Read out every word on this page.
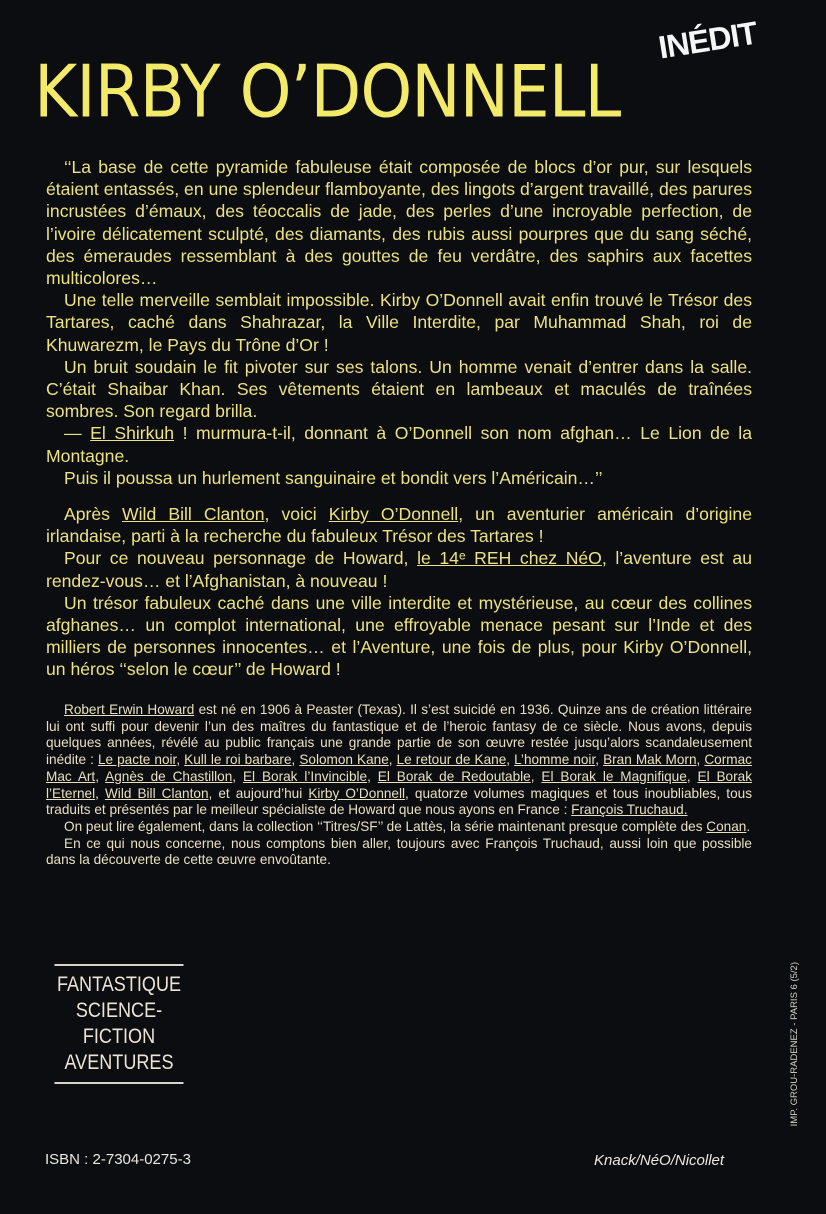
KIRBY O’DONNELL
INÉDIT

‘‘La base de cette pyramide fabuleuse était composée de blocs d’or pur, sur lesquels étaient entassés, en une splendeur flamboyante, des lingots d’argent travaillé, des parures incrustées d’émaux, des téoccalis de jade, des perles d’une incroyable perfection, de l’ivoire délicatement sculpté, des diamants, des rubis aussi pourpres que du sang séché, des émeraudes ressemblant à des gouttes de feu verdâtre, des saphirs aux facettes multicolores…

Une telle merveille semblait impossible. Kirby O’Donnell avait enfin trouvé le Trésor des Tartares, caché dans Shahrazar, la Ville Interdite, par Muhammad Shah, roi de Khuwarezm, le Pays du Trône d’Or !

Un bruit soudain le fit pivoter sur ses talons. Un homme venait d’entrer dans la salle. C’était Shaibar Khan. Ses vêtements étaient en lambeaux et maculés de traînées sombres. Son regard brilla.

— El Shirkuh ! murmura-t-il, donnant à O’Donnell son nom afghan… Le Lion de la Montagne.

Puis il poussa un hurlement sanguinaire et bondit vers l’Américain…’’

Après Wild Bill Clanton, voici Kirby O’Donnell, un aventurier américain d’origine irlandaise, parti à la recherche du fabuleux Trésor des Tartares !

Pour ce nouveau personnage de Howard, le 14ᵉ REH chez NéO, l’aventure est au rendez-vous… et l’Afghanistan, à nouveau !

Un trésor fabuleux caché dans une ville interdite et mystérieuse, au cœur des collines afghanes… un complot international, une effroyable menace pesant sur l’Inde et des milliers de personnes innocentes… et l’Aventure, une fois de plus, pour Kirby O’Donnell, un héros ‘‘selon le cœur’’ de Howard !

Robert Erwin Howard est né en 1906 à Peaster (Texas). Il s’est suicidé en 1936. Quinze ans de création littéraire lui ont suffi pour devenir l’un des maîtres du fantastique et de l’heroic fantasy de ce siècle. Nous avons, depuis quelques années, révélé au public français une grande partie de son œuvre restée jusqu’alors scandaleusement inédite : Le pacte noir, Kull le roi barbare, Solomon Kane, Le retour de Kane, L’homme noir, Bran Mak Morn, Cormac Mac Art, Agnès de Chastillon, El Borak l’Invincible, El Borak de Redoutable, El Borak le Magnifique, El Borak l’Eternel, Wild Bill Clanton, et aujourd’hui Kirby O’Donnell, quatorze volumes magiques et tous inoubliables, tous traduits et présentés par le meilleur spécialiste de Howard que nous ayons en France : François Truchaud.

On peut lire également, dans la collection ‘‘Titres/SF’’ de Lattès, la série maintenant presque complète des Conan.

En ce qui nous concerne, nous comptons bien aller, toujours avec François Truchaud, aussi loin que possible dans la découverte de cette œuvre envoûtante.

FANTASTIQUE
SCIENCE-FICTION
AVENTURES	IMP. GROU-RADENEZ - PARIS 6 (5/2)
ISBN : 2-7304-0275-3	Knack/NéO/Nicollet
